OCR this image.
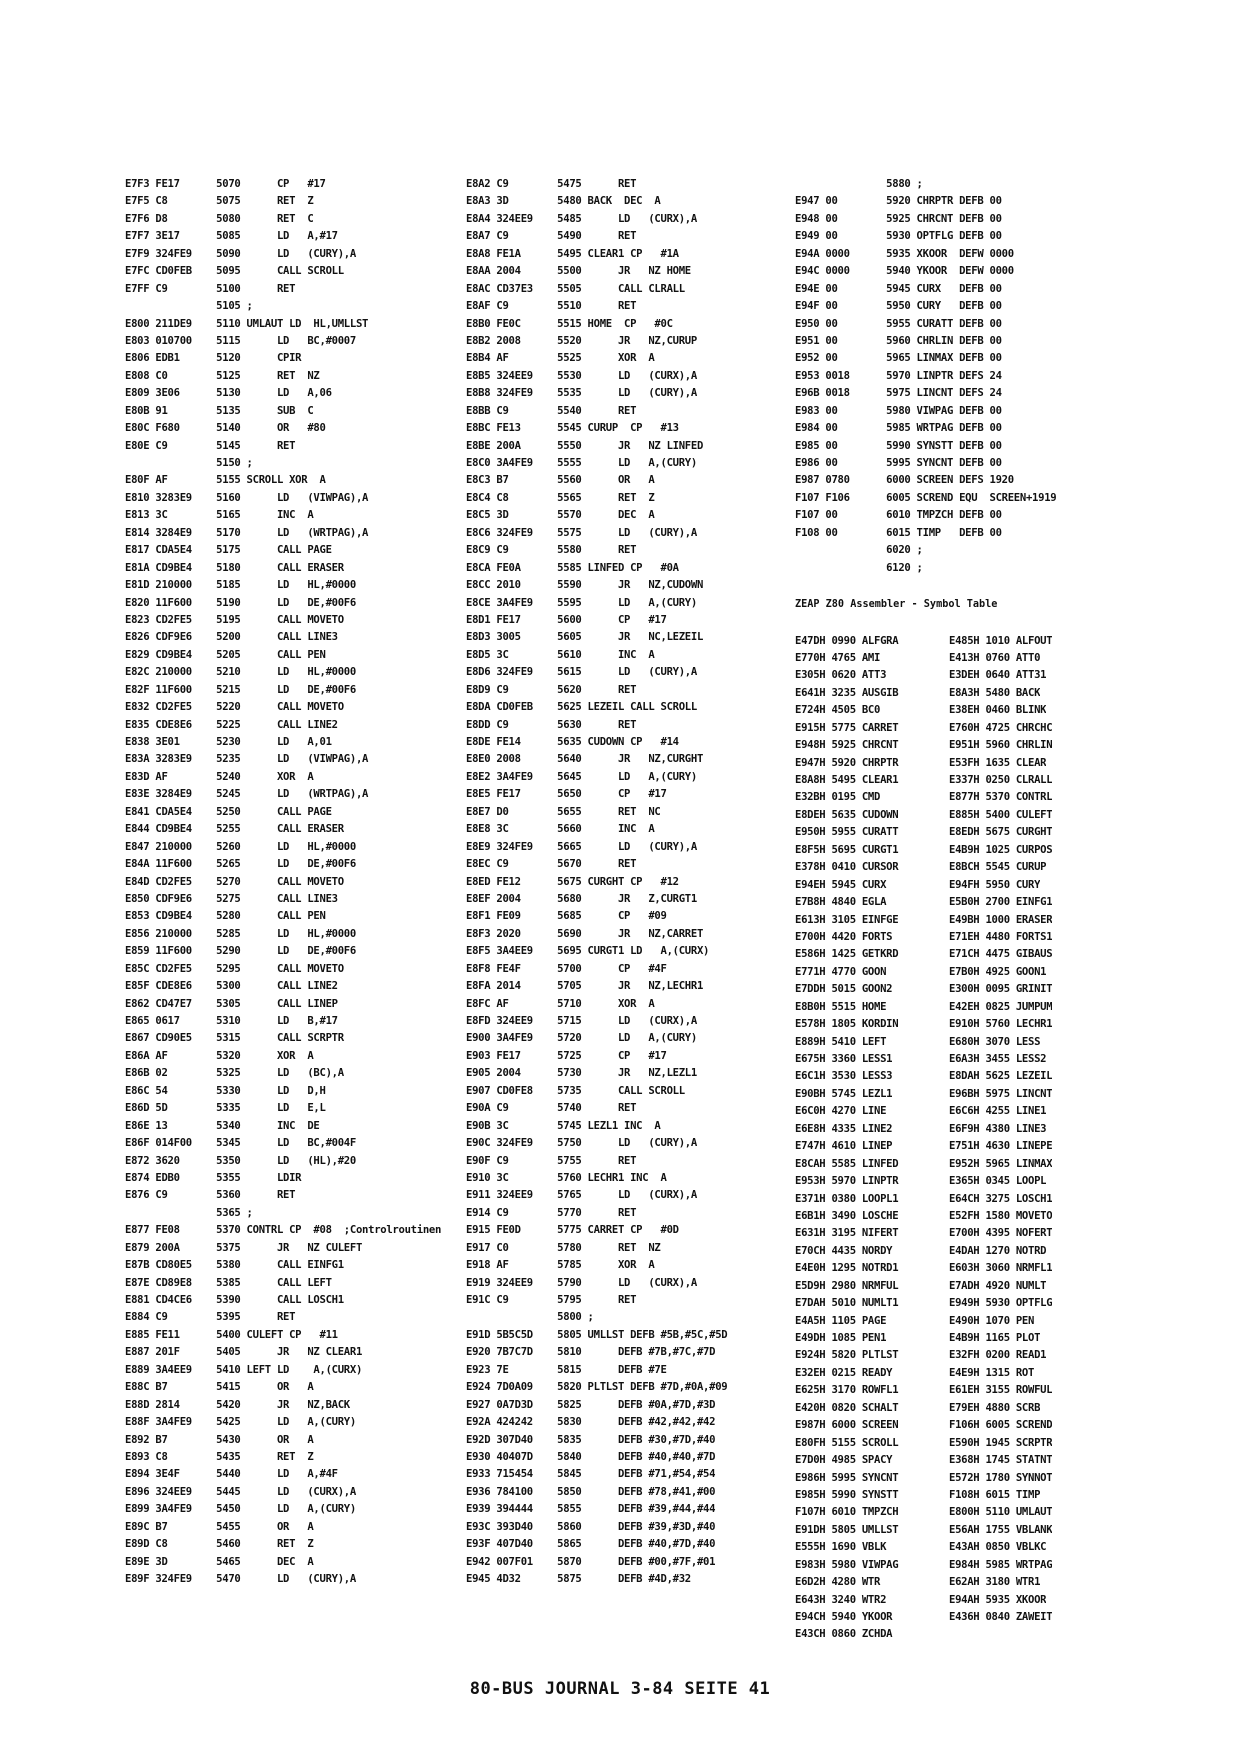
E7F3 FE17      5070      CP   #17
E7F5 C8        5075      RET  Z
E7F6 D8        5080      RET  C
E7F7 3E17      5085      LD   A,#17
E7F9 324FE9    5090      LD   (CURY),A
E7FC CD0FEB    5095      CALL SCROLL
E7FF C9        5100      RET
5105 ;
E800 211DE9    5110 UMLAUT LD  HL,UMLLST
E803 010700    5115      LD   BC,#0007
E806 EDB1      5120      CPIR
E808 C0        5125      RET  NZ
E809 3E06      5130      LD   A,06
E80B 91        5135      SUB  C
E80C F680      5140      OR   #80
E80E C9        5145      RET
5150 ;
E80F AF        5155 SCROLL XOR  A
E810 3283E9    5160      LD   (VIWPAG),A
E813 3C        5165      INC  A
E814 3284E9    5170      LD   (WRTPAG),A
E817 CDA5E4    5175      CALL PAGE
E81A CD9BE4    5180      CALL ERASER
E81D 210000    5185      LD   HL,#0000
E820 11F600    5190      LD   DE,#00F6
E823 CD2FE5    5195      CALL MOVETO
E826 CDF9E6    5200      CALL LINE3
E829 CD9BE4    5205      CALL PEN
E82C 210000    5210      LD   HL,#0000
E82F 11F600    5215      LD   DE,#00F6
E832 CD2FE5    5220      CALL MOVETO
E835 CDE8E6    5225      CALL LINE2
E838 3E01      5230      LD   A,01
E83A 3283E9    5235      LD   (VIWPAG),A
E83D AF        5240      XOR  A
E83E 3284E9    5245      LD   (WRTPAG),A
E841 CDA5E4    5250      CALL PAGE
E844 CD9BE4    5255      CALL ERASER
E847 210000    5260      LD   HL,#0000
E84A 11F600    5265      LD   DE,#00F6
E84D CD2FE5    5270      CALL MOVETO
E850 CDF9E6    5275      CALL LINE3
E853 CD9BE4    5280      CALL PEN
E856 210000    5285      LD   HL,#0000
E859 11F600    5290      LD   DE,#00F6
E85C CD2FE5    5295      CALL MOVETO
E85F CDE8E6    5300      CALL LINE2
E862 CD47E7    5305      CALL LINEP
E865 0617      5310      LD   B,#17
E867 CD90E5    5315      CALL SCRPTR
E86A AF        5320      XOR  A
E86B 02        5325      LD   (BC),A
E86C 54        5330      LD   D,H
E86D 5D        5335      LD   E,L
E86E 13        5340      INC  DE
E86F 014F00    5345      LD   BC,#004F
E872 3620      5350      LD   (HL),#20
E874 EDB0      5355      LDIR
E876 C9        5360      RET
5365 ;
E877 FE08      5370 CONTRL CP  #08  ;Controlroutinen
E879 200A      5375      JR   NZ CULEFT
E87B CD80E5    5380      CALL EINFG1
E87E CD89E8    5385      CALL LEFT
E881 CD4CE6    5390      CALL LOSCH1
E884 C9        5395      RET
E885 FE11      5400 CULEFT CP   #11
E887 201F      5405      JR   NZ CLEAR1
E889 3A4EE9    5410 LEFT LD    A,(CURX)
E88C B7        5415      OR   A
E88D 2814      5420      JR   NZ,BACK
E88F 3A4FE9    5425      LD   A,(CURY)
E892 B7        5430      OR   A
E893 C8        5435      RET  Z
E894 3E4F      5440      LD   A,#4F
E896 324EE9    5445      LD   (CURX),A
E899 3A4FE9    5450      LD   A,(CURY)
E89C B7        5455      OR   A
E89D C8        5460      RET  Z
E89E 3D        5465      DEC  A
E89F 324FE9    5470      LD   (CURY),A
E8A2 C9        5475      RET
E8A3 3D        5480 BACK  DEC  A
E8A4 324EE9    5485      LD   (CURX),A
E8A7 C9        5490      RET
E8A8 FE1A      5495 CLEAR1 CP   #1A
E8AA 2004      5500      JR   NZ HOME
E8AC CD37E3    5505      CALL CLRALL
E8AF C9        5510      RET
E8B0 FE0C      5515 HOME  CP   #0C
E8B2 2008      5520      JR   NZ,CURUP
E8B4 AF        5525      XOR  A
E8B5 324EE9    5530      LD   (CURX),A
E8B8 324FE9    5535      LD   (CURY),A
E8BB C9        5540      RET
E8BC FE13      5545 CURUP  CP   #13
E8BE 200A      5550      JR   NZ LINFED
E8C0 3A4FE9    5555      LD   A,(CURY)
E8C3 B7        5560      OR   A
E8C4 C8        5565      RET  Z
E8C5 3D        5570      DEC  A
E8C6 324FE9    5575      LD   (CURY),A
E8C9 C9        5580      RET
E8CA FE0A      5585 LINFED CP   #0A
E8CC 2010      5590      JR   NZ,CUDOWN
E8CE 3A4FE9    5595      LD   A,(CURY)
E8D1 FE17      5600      CP   #17
E8D3 3005      5605      JR   NC,LEZEIL
E8D5 3C        5610      INC  A
E8D6 324FE9    5615      LD   (CURY),A
E8D9 C9        5620      RET
E8DA CD0FEB    5625 LEZEIL CALL SCROLL
E8DD C9        5630      RET
E8DE FE14      5635 CUDOWN CP   #14
E8E0 2008      5640      JR   NZ,CURGHT
E8E2 3A4FE9    5645      LD   A,(CURY)
E8E5 FE17      5650      CP   #17
E8E7 D0        5655      RET  NC
E8E8 3C        5660      INC  A
E8E9 324FE9    5665      LD   (CURY),A
E8EC C9        5670      RET
E8ED FE12      5675 CURGHT CP   #12
E8EF 2004      5680      JR   Z,CURGT1
E8F1 FE09      5685      CP   #09
E8F3 2020      5690      JR   NZ,CARRET
E8F5 3A4EE9    5695 CURGT1 LD   A,(CURX)
E8F8 FE4F      5700      CP   #4F
E8FA 2014      5705      JR   NZ,LECHR1
E8FC AF        5710      XOR  A
E8FD 324EE9    5715      LD   (CURX),A
E900 3A4FE9    5720      LD   A,(CURY)
E903 FE17      5725      CP   #17
E905 2004      5730      JR   NZ,LEZL1
E907 CD0FE8    5735      CALL SCROLL
E90A C9        5740      RET
E90B 3C        5745 LEZL1 INC  A
E90C 324FE9    5750      LD   (CURY),A
E90F C9        5755      RET
E910 3C        5760 LECHR1 INC  A
E911 324EE9    5765      LD   (CURX),A
E914 C9        5770      RET
E915 FE0D      5775 CARRET CP   #0D
E917 C0        5780      RET  NZ
E918 AF        5785      XOR  A
E919 324EE9    5790      LD   (CURX),A
E91C C9        5795      RET
5800 ;
E91D 5B5C5D    5805 UMLLST DEFB #5B,#5C,#5D
E920 7B7C7D    5810      DEFB #7B,#7C,#7D
E923 7E        5815      DEFB #7E
E924 7D0A09    5820 PLTLST DEFB #7D,#0A,#09
E927 0A7D3D    5825      DEFB #0A,#7D,#3D
E92A 424242    5830      DEFB #42,#42,#42
E92D 307D40    5835      DEFB #30,#7D,#40
E930 40407D    5840      DEFB #40,#40,#7D
E933 715454    5845      DEFB #71,#54,#54
E936 784100    5850      DEFB #78,#41,#00
E939 394444    5855      DEFB #39,#44,#44
E93C 393D40    5860      DEFB #39,#3D,#40
E93F 407D40    5865      DEFB #40,#7D,#40
E942 007F01    5870      DEFB #00,#7F,#01
E945 4D32      5875      DEFB #4D,#32
5880 ;
E947 00        5920 CHRPTR DEFB 00
E948 00        5925 CHRCNT DEFB 00
E949 00        5930 OPTFLG DEFB 00
E94A 0000      5935 XKOOR  DEFW 0000
E94C 0000      5940 YKOOR  DEFW 0000
E94E 00        5945 CURX   DEFB 00
E94F 00        5950 CURY   DEFB 00
E950 00        5955 CURATT DEFB 00
E951 00        5960 CHRLIN DEFB 00
E952 00        5965 LINMAX DEFB 00
E953 0018      5970 LINPTR DEFS 24
E96B 0018      5975 LINCNT DEFS 24
E983 00        5980 VIWPAG DEFB 00
E984 00        5985 WRTPAG DEFB 00
E985 00        5990 SYNSTT DEFB 00
E986 00        5995 SYNCNT DEFB 00
E987 0780      6000 SCREEN DEFS 1920
F107 F106      6005 SCREND EQU  SCREEN+1919
F107 00        6010 TMPZCH DEFB 00
F108 00        6015 TIMP   DEFB 00
6020 ;
6120 ;
ZEAP Z80 Assembler - Symbol Table
E47DH 0990 ALFGRA	E485H 1010 ALFOUT
E770H 4765 AMI	E413H 0760 ATT0
E305H 0620 ATT3	E3DEH 0640 ATT31
E641H 3235 AUSGIB	E8A3H 5480 BACK
E724H 4505 BC0	E38EH 0460 BLINK
E915H 5775 CARRET	E760H 4725 CHRCHC
E948H 5925 CHRCNT	E951H 5960 CHRLIN
E947H 5920 CHRPTR	E53FH 1635 CLEAR
E8A8H 5495 CLEAR1	E337H 0250 CLRALL
E32BH 0195 CMD	E877H 5370 CONTRL
E8DEH 5635 CUDOWN	E885H 5400 CULEFT
E950H 5955 CURATT	E8EDH 5675 CURGHT
E8F5H 5695 CURGT1	E4B9H 1025 CURPOS
E378H 0410 CURSOR	E8BCH 5545 CURUP
E94EH 5945 CURX	E94FH 5950 CURY
E7B8H 4840 EGLA	E5B0H 2700 EINFG1
E613H 3105 EINFGE	E49BH 1000 ERASER
E700H 4420 FORTS	E71EH 4480 FORTS1
E586H 1425 GETKRD	E71CH 4475 GIBAUS
E771H 4770 GOON	E7B0H 4925 GOON1
E7DDH 5015 GOON2	E300H 0095 GRINIT
E8B0H 5515 HOME	E42EH 0825 JUMPUM
E578H 1805 KORDIN	E910H 5760 LECHR1
E889H 5410 LEFT	E680H 3070 LESS
E675H 3360 LESS1	E6A3H 3455 LESS2
E6C1H 3530 LESS3	E8DAH 5625 LEZEIL
E90BH 5745 LEZL1	E96BH 5975 LINCNT
E6C0H 4270 LINE	E6C6H 4255 LINE1
E6E8H 4335 LINE2	E6F9H 4380 LINE3
E747H 4610 LINEP	E751H 4630 LINEPE
E8CAH 5585 LINFED	E952H 5965 LINMAX
E953H 5970 LINPTR	E365H 0345 LOOPL
E371H 0380 LOOPL1	E64CH 3275 LOSCH1
E6B1H 3490 LOSCHE	E52FH 1580 MOVETO
E631H 3195 NIFERT	E700H 4395 NOFERT
E70CH 4435 NORDY	E4DAH 1270 NOTRD
E4E0H 1295 NOTRD1	E603H 3060 NRMFL1
E5D9H 2980 NRMFUL	E7ADH 4920 NUMLT
E7DAH 5010 NUMLT1	E949H 5930 OPTFLG
E4A5H 1105 PAGE	E490H 1070 PEN
E49DH 1085 PEN1	E4B9H 1165 PLOT
E924H 5820 PLTLST	E32FH 0200 READ1
E32EH 0215 READY	E4E9H 1315 ROT
E625H 3170 ROWFL1	E61EH 3155 ROWFUL
E420H 0820 SCHALT	E79EH 4880 SCRB
E987H 6000 SCREEN	F106H 6005 SCREND
E80FH 5155 SCROLL	E590H 1945 SCRPTR
E7D0H 4985 SPACY	E368H 1745 STATNT
E986H 5995 SYNCNT	E572H 1780 SYNNOT
E985H 5990 SYNSTT	F108H 6015 TIMP
F107H 6010 TMPZCH	E800H 5110 UMLAUT
E91DH 5805 UMLLST	E56AH 1755 VBLANK
E555H 1690 VBLK	E43AH 0850 VBLKC
E983H 5980 VIWPAG	E984H 5985 WRTPAG
E6D2H 4280 WTR	E62AH 3180 WTR1
E643H 3240 WTR2	E94AH 5935 XKOOR
E94CH 5940 YKOOR	E436H 0840 ZAWEIT
E43CH 0860 ZCHDA
80-BUS JOURNAL 3-84 SEITE 41
